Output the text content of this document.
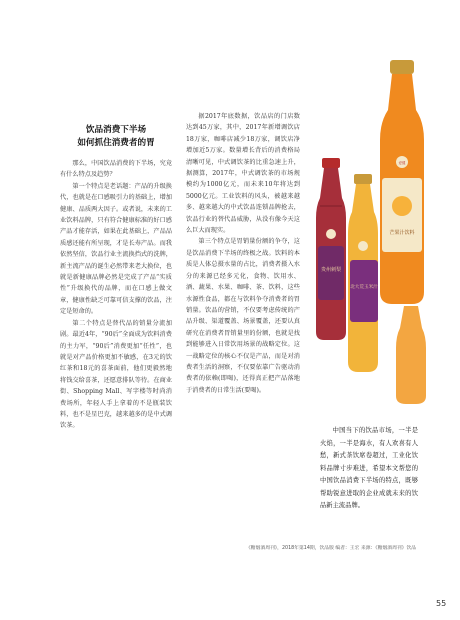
饮品消费下半场
如何抓住消费者的胃

那么，中国饮品消费的下半场，究竟有什么特点及趋势？

第一个特点是老话题：产品的升级换代，也就是在口感吸引力的基础上，增加健康、品质两大因子。或者说，未来的工业饮料品牌，只有符合健康标准的好口感产品才能存活，如果在此基础上，产品品质感还能有所呈现，才是长寿产品。而我依然坚信，饮品行业主流换挡式的洗牌，新主流产品的诞生必然带来老大换位，也就是新健康品牌必然是完成了产品“实质性”升级换代的品牌，而在口感上做文章，健康性缺乏可靠可信支撑的饮品，注定是短命的。

第二个特点是替代品的销量分流加剧。最近4年，“90后”全面成为饮料消费的主力军，“90后”消费更加“任性”，也就是对产品价格更加不敏感，在3元的饮红茶和18元的喜茶面前，他们更毅然地将钱交给喜茶，还愿意排队等待。在商业街、Shopping Mall、写字楼等时尚消费场所，年轻人手上拿着的不是瓶装饮料，也不是星巴克，越来越多的是中式调饮茶。

据2017年底数据，饮品店的门店数达到45万家，其中，2017年新增调饮店18万家，咖啡店减少18万家，调饮店净增加近5万家。数量增长背后的消费格局清晰可见，中式调饮茶的比重急速上升，据测算，2017年，中式调饮茶的市场规模约为1000亿元，而未来10年将达到5000亿元。工业饮料的风头，被越来越多、越来越大的中式饮品连锁品牌抢去，饮品行业的替代品威胁，从没有像今天这么巨大而现实。

第三个特点是胃销量份额的争夺，这是饮品消费下半场的终极之战。饮料的本质是人体总摄水量的占比，消费者摄入水分的来源已经多元化，食物、饮用水、酒、蔬果、水果、咖啡、茶、饮料，这些水源性食品，都在与饮料争夺消费者的胃销量。饮品的营销，不仅要考虑传统的产品升级、渠道覆盖、场景覆盖，还要认真研究在消费者胃销量里的份额，也就是找到能够进入日常饮用场景的战略定位。这一战略定位的核心不仅是产品，而是对消费者生活的洞察，不仅要依靠广告驱动消费者的依赖(即喝)，还得真正把产品落地于消费者的日常生活(要喝)。

中国当下的饮品市场，一半是火焰，一半是海水，有人欢喜有人愁，新式茶饮席卷超过，工业化饮料品牌寸步难进，希望本文帮您的中国饮品消费下半场的特点，既够帮助锐意进取的企业成就未来的饮品新主流品牌。

贵州刺梨
北大荒玉米汁
芒果汁饮料
爱健
《糖烟酒周刊》，2018年第14期，饮品版 编者：王宏 来源：《糖烟酒周刊》饮品
55
